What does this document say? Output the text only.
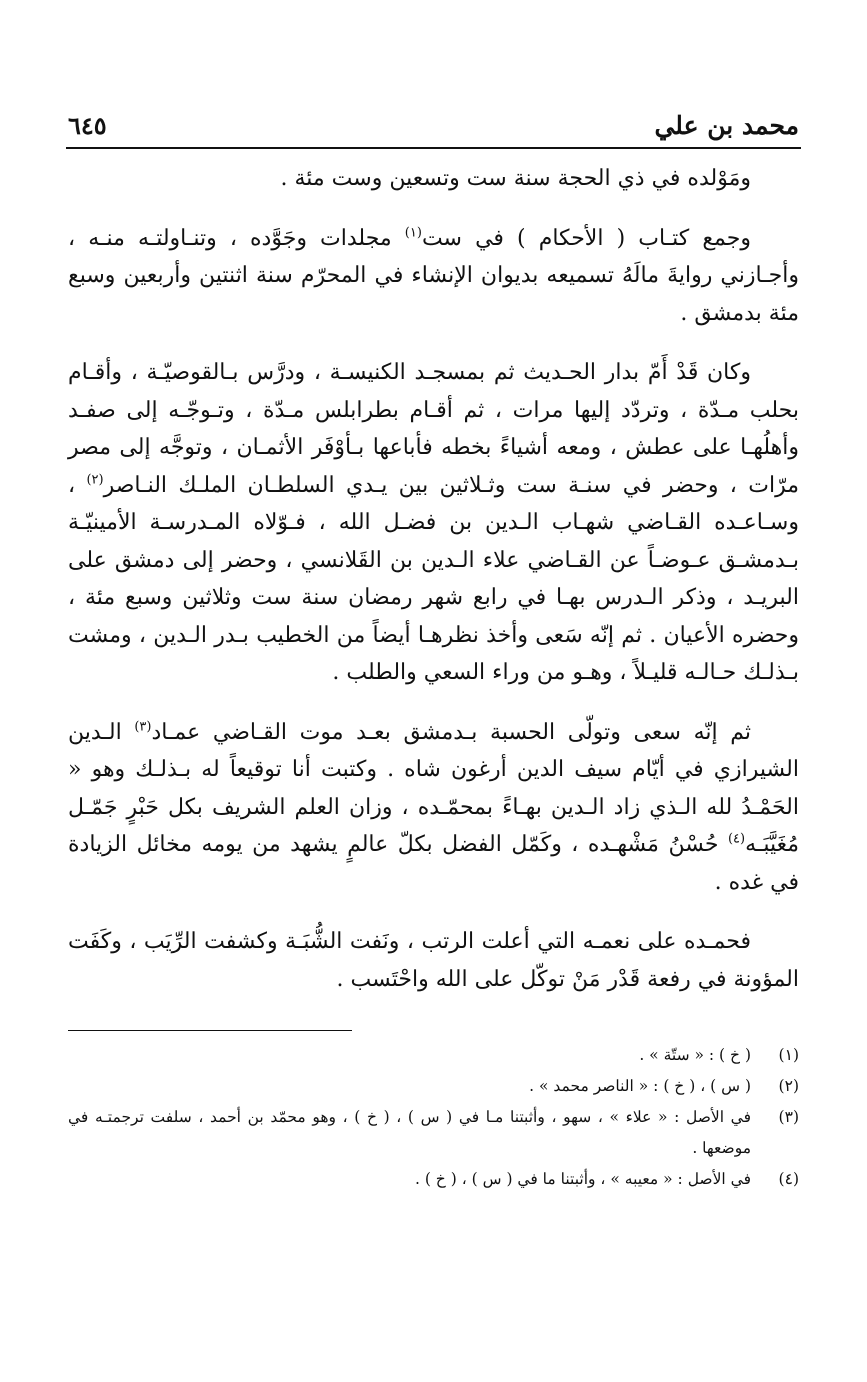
محمد بن علي
٦٤٥

ومَوْلده في ذي الحجة سنة ست وتسعين وست مئة .

وجمع كتـاب ( الأحكام ) في ست$^{(١)}$ مجلدات وجَوَّده ، وتنـاولتـه منـه ، وأجـازني روايةَ مالَهُ تسميعه بديوان الإنشاء في المحرّم سنة اثنتين وأربعين وسبع مئة بدمشق .

وكان قَدْ أَمّ بدار الحـديث ثم بمسجـد الكنيسـة ، ودرَّس بـالقوصيّـة ، وأقـام بحلب مـدّة ، وتردّد إليها مرات ، ثم أقـام بطرابلس مـدّة ، وتـوجّـه إلى صفـد وأهلُهـا على عطش ، ومعه أشياءً بخطه فأباعها بـأوْفَر الأثمـان ، وتوجَّه إلى مصر مرّات ، وحضر في سنـة ست وثـلاثين بين يـدي السلطـان الملـك النـاصر$^{(٢)}$ ، وسـاعـده القـاضي شهـاب الـدين بن فضـل الله ، فـوّلاه المـدرسـة الأمينيّـة بـدمشـق عـوضـاً عن القـاضي علاء الـدين بن القَلانسي ، وحضر إلى دمشق على البريـد ، وذكر الـدرس بهـا في رابع شهر رمضان سنة ست وثلاثين وسبع مئة ، وحضره الأعيان . ثم إنّه سَعى وأخذ نظرهـا أيضاً من الخطيب بـدر الـدين ، ومشت بـذلـك حـالـه قليـلاً ، وهـو من وراء السعي والطلب .

ثم إنّه سعى وتولّى الحسبة بـدمشق بعـد موت القـاضي عمـاد$^{(٣)}$ الـدين الشيرازي في أيّام سيف الدين أرغون شاه . وكتبت أنا توقيعاً له بـذلـك وهو « الحَمْـدُ لله الـذي زاد الـدين بهـاءً بمحمّـده ، وزان العلم الشريف بكل حَبْرٍ جَمّـل مُغَيَّبَـه$^{(٤)}$ حُسْنُ مَشْهـده ، وكَمّل الفضل بكلّ عالمٍ يشهد من يومه مخائل الزيادة في غده .

فحمـده على نعمـه التي أعلت الرتب ، ونَفت الشُّبَـة وكشفت الرِّيَب ، وكَفَت المؤونة في رفعة قَدْر مَنْ توكّل على الله واحْتَسب .

(١)
( خ ) : « ستّة » .
(٢)
( س ) ، ( خ ) : « الناصر محمد » .
(٣)
في الأصل : « علاء » ، سهو ، وأثبتنا مـا في ( س ) ، ( خ ) ، وهو محمّد بن أحمد ، سلفت ترجمتـه في موضعها .
(٤)
في الأصل : « معيبه » ، وأثبتنا ما في ( س ) ، ( خ ) .
